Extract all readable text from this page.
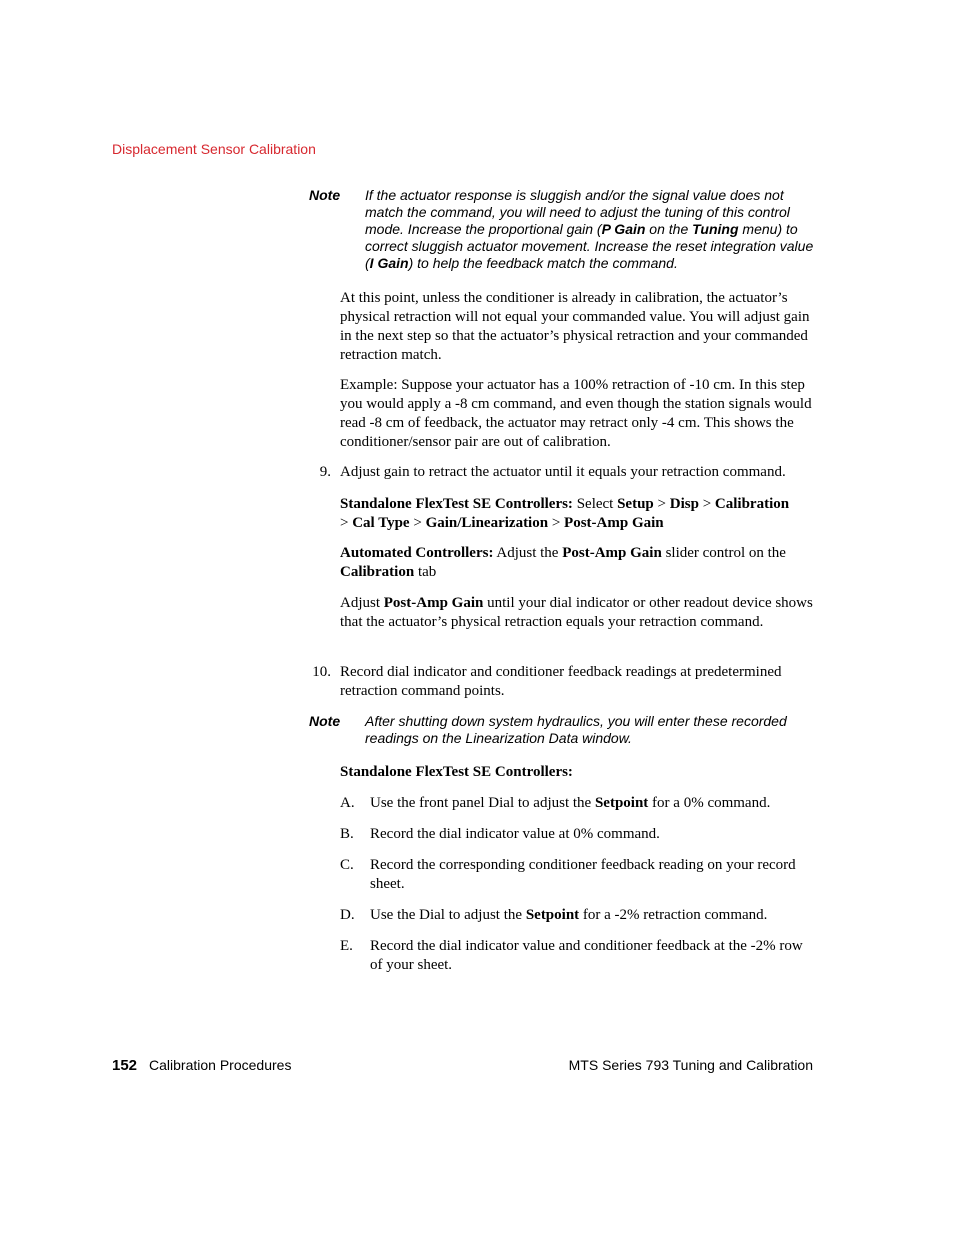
Displacement Sensor Calibration
Note If the actuator response is sluggish and/or the signal value does not match the command, you will need to adjust the tuning of this control mode. Increase the proportional gain (P Gain on the Tuning menu) to correct sluggish actuator movement. Increase the reset integration value (I Gain) to help the feedback match the command.
At this point, unless the conditioner is already in calibration, the actuator’s physical retraction will not equal your commanded value. You will adjust gain in the next step so that the actuator’s physical retraction and your commanded retraction match.
Example: Suppose your actuator has a 100% retraction of -10 cm. In this step you would apply a -8 cm command, and even though the station signals would read -8 cm of feedback, the actuator may retract only -4 cm. This shows the conditioner/sensor pair are out of calibration.
9. Adjust gain to retract the actuator until it equals your retraction command.
Standalone FlexTest SE Controllers: Select Setup > Disp > Calibration
> Cal Type > Gain/Linearization > Post-Amp Gain
Automated Controllers: Adjust the Post-Amp Gain slider control on the
Calibration tab
Adjust Post-Amp Gain until your dial indicator or other readout device shows that the actuator’s physical retraction equals your retraction command.
10. Record dial indicator and conditioner feedback readings at predetermined retraction command points.
Note After shutting down system hydraulics, you will enter these recorded readings on the Linearization Data window.
Standalone FlexTest SE Controllers:
A. Use the front panel Dial to adjust the Setpoint for a 0% command.
B. Record the dial indicator value at 0% command.
C. Record the corresponding conditioner feedback reading on your record sheet.
D. Use the Dial to adjust the Setpoint for a -2% retraction command.
E. Record the dial indicator value and conditioner feedback at the -2% row of your sheet.
152 Calibration Procedures	MTS Series 793 Tuning and Calibration
